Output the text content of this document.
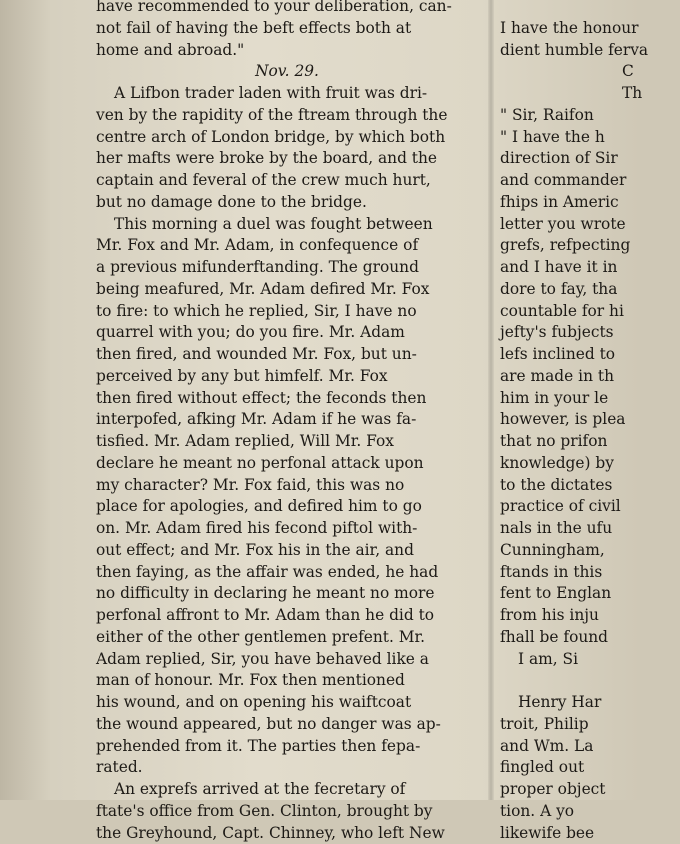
have recommended to your deliberation, can-
not fail of having the beft effects both at
home and abroad."
Nov. 29.
A Lifbon trader laden with fruit was dri-
ven by the rapidity of the ftream through the
centre arch of London bridge, by which both
her mafts were broke by the board, and the
captain and feveral of the crew much hurt,
but no damage done to the bridge.
This morning a duel was fought between
Mr. Fox and Mr. Adam, in confequence of
a previous mifunderftanding. The ground
being meafured, Mr. Adam defired Mr. Fox
to fire: to which he replied, Sir, I have no
quarrel with you; do you fire. Mr. Adam
then fired, and wounded Mr. Fox, but un-
perceived by any but himfelf. Mr. Fox
then fired without effect; the feconds then
interpofed, afking Mr. Adam if he was fa-
tisfied. Mr. Adam replied, Will Mr. Fox
declare he meant no perfonal attack upon
my character? Mr. Fox faid, this was no
place for apologies, and defired him to go
on. Mr. Adam fired his fecond piftol with-
out effect; and Mr. Fox his in the air, and
then faying, as the affair was ended, he had
no difficulty in declaring he meant no more
perfonal affront to Mr. Adam than he did to
either of the other gentlemen prefent. Mr.
Adam replied, Sir, you have behaved like a
man of honour. Mr. Fox then mentioned
his wound, and on opening his waiftcoat
the wound appeared, but no danger was ap-
prehended from it. The parties then fepa-
rated.
An exprefs arrived at the fecretary of
ftate's office from Gen. Clinton, brought by
the Greyhound, Capt. Chinney, who left New

I have the honour
dient humble ferva
C
Th
" Sir, Raifon
" I have the h
direction of Sir
and commander
fhips in Americ
letter you wrote
grefs, refpecting
and I have it in
dore to fay, tha
countable for hi
jefty's fubjects
lefs inclined to
are made in th
him in your le
however, is plea
that no prifon
knowledge) by
to the dictates
practice of civil
nals in the ufu
Cunningham,
ftands in this
fent to Englan
from his inju
fhall be found
I am, Si

Henry Har
troit, Philip
and Wm. La
fingled out
proper object
tion. A yo
likewife bee
